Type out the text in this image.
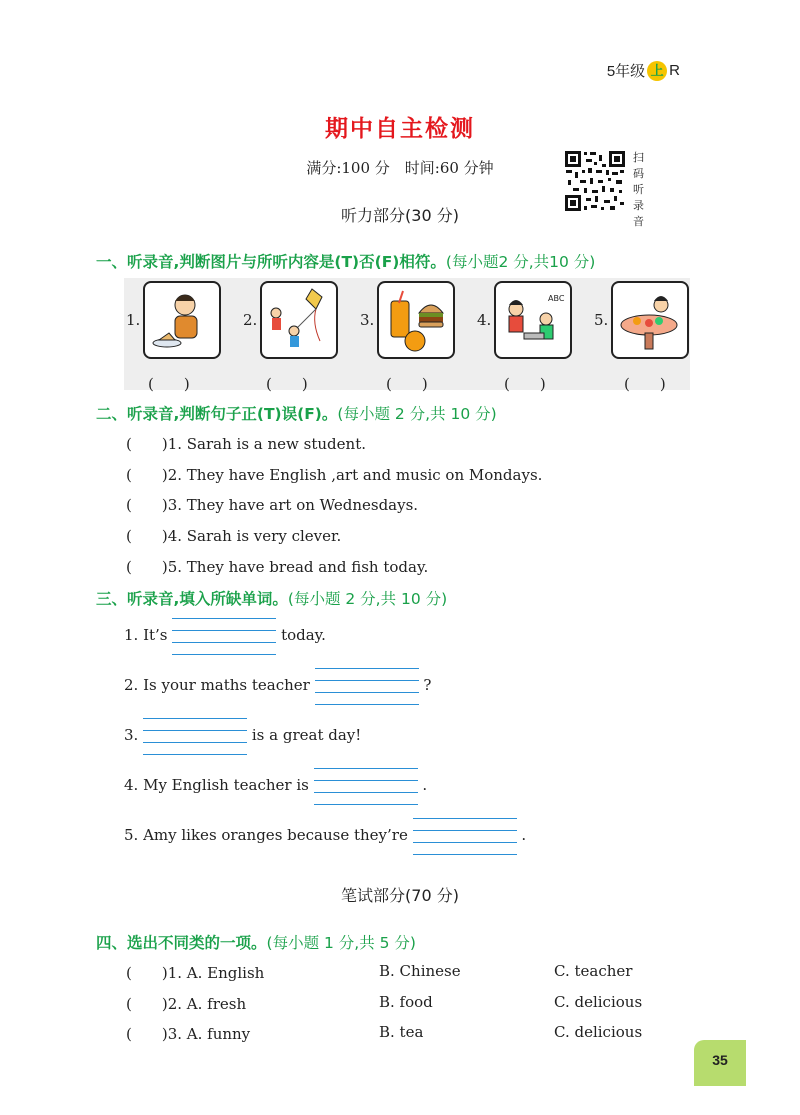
5年级 上 R
期中自主检测
满分:100 分　时间:60 分钟
扫码听录音
听力部分(30 分)
一、听录音,判断图片与所听内容是(T)否(F)相符。(每小题2 分,共10 分)
1.	2.	3.	4.
ABC
5.
(　　)	(　　)	(　　)	(　　)	(　　)
二、听录音,判断句子正(T)误(F)。(每小题 2 分,共 10 分)
(　　)1. Sarah is a new student.
(　　)2. They have English ,art and music on Mondays.
(　　)3. They have art on Wednesdays.
(　　)4. Sarah is very clever.
(　　)5. They have bread and fish today.
三、听录音,填入所缺单词。(每小题 2 分,共 10 分)
1. It’s	today.
2. Is your maths teacher	?
3.	is a great day!
4. My English teacher is	.
5. Amy likes oranges because they’re	.
笔试部分(70 分)
四、选出不同类的一项。(每小题 1 分,共 5 分)
(　　)1. A. English	B. Chinese	C. teacher
(　　)2. A. fresh	B. food	C. delicious
(　　)3. A. funny	B. tea	C. delicious
35
